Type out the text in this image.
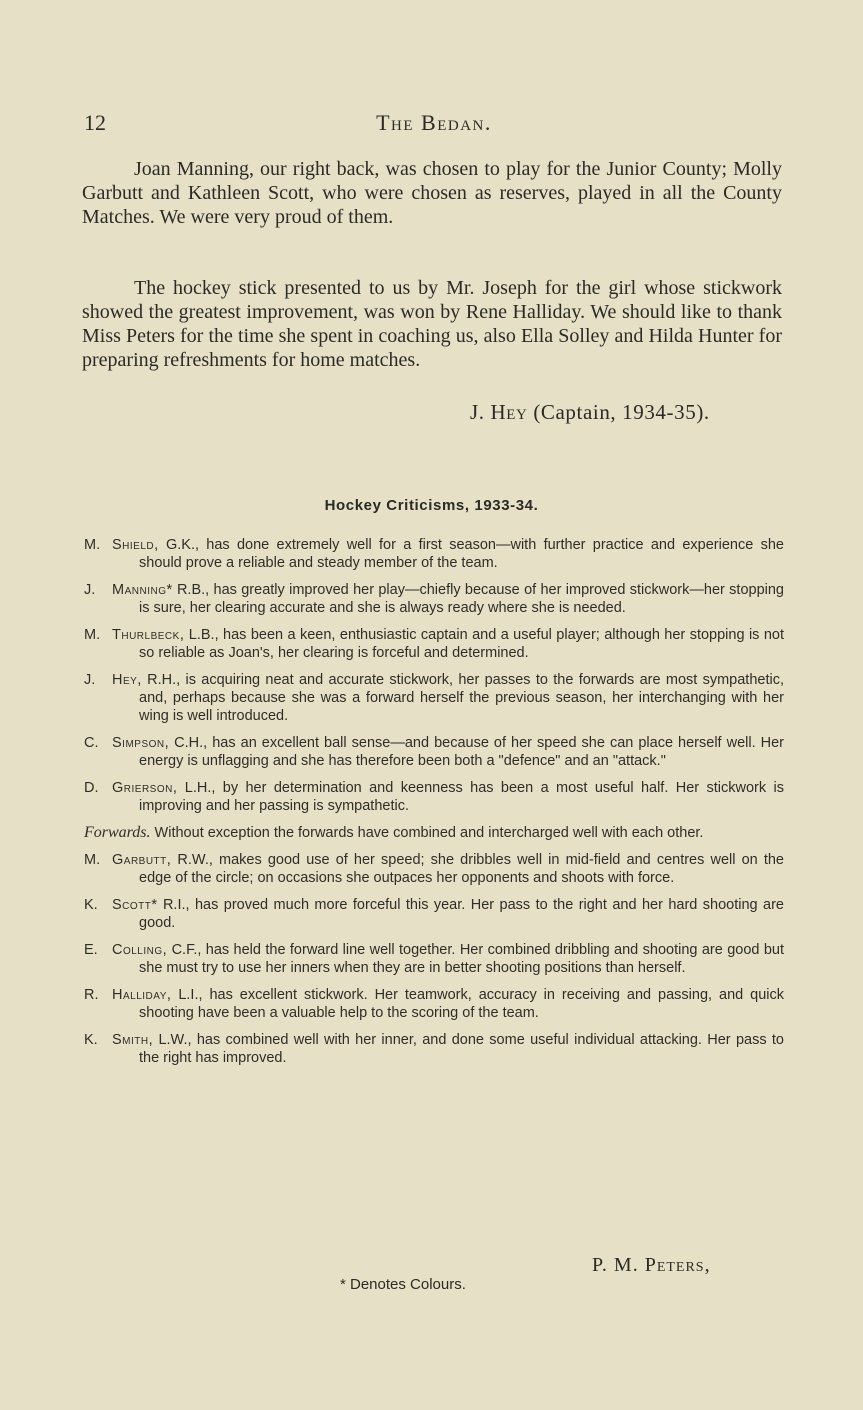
12	The Bedan.
Joan Manning, our right back, was chosen to play for the Junior County; Molly Garbutt and Kathleen Scott, who were chosen as reserves, played in all the County Matches. We were very proud of them.
The hockey stick presented to us by Mr. Joseph for the girl whose stickwork showed the greatest improvement, was won by Rene Halliday. We should like to thank Miss Peters for the time she spent in coaching us, also Ella Solley and Hilda Hunter for preparing refreshments for home matches.
J. Hey (Captain, 1934-35).
Hockey Criticisms, 1933-34.
M. Shield, G.K., has done extremely well for a first season—with further practice and experience she should prove a reliable and steady member of the team.
J. Manning* R.B., has greatly improved her play—chiefly because of her improved stickwork—her stopping is sure, her clearing accurate and she is always ready where she is needed.
M. Thurlbeck, L.B., has been a keen, enthusiastic captain and a useful player; although her stopping is not so reliable as Joan's, her clearing is forceful and determined.
J. Hey, R.H., is acquiring neat and accurate stickwork, her passes to the forwards are most sympathetic, and, perhaps because she was a forward herself the previous season, her interchanging with her wing is well introduced.
C. Simpson, C.H., has an excellent ball sense—and because of her speed she can place herself well. Her energy is unflagging and she has therefore been both a "defence" and an "attack."
D. Grierson, L.H., by her determination and keenness has been a most useful half. Her stickwork is improving and her passing is sympathetic.
Forwards. Without exception the forwards have combined and intercharged well with each other.
M. Garbutt, R.W., makes good use of her speed; she dribbles well in mid-field and centres well on the edge of the circle; on occasions she outpaces her opponents and shoots with force.
K. Scott* R.I., has proved much more forceful this year. Her pass to the right and her hard shooting are good.
E. Colling, C.F., has held the forward line well together. Her combined dribbling and shooting are good but she must try to use her inners when they are in better shooting positions than herself.
R. Halliday, L.I., has excellent stickwork. Her teamwork, accuracy in receiving and passing, and quick shooting have been a valuable help to the scoring of the team.
K. Smith, L.W., has combined well with her inner, and done some useful individual attacking. Her pass to the right has improved.
P. M. Peters,
* Denotes Colours.
